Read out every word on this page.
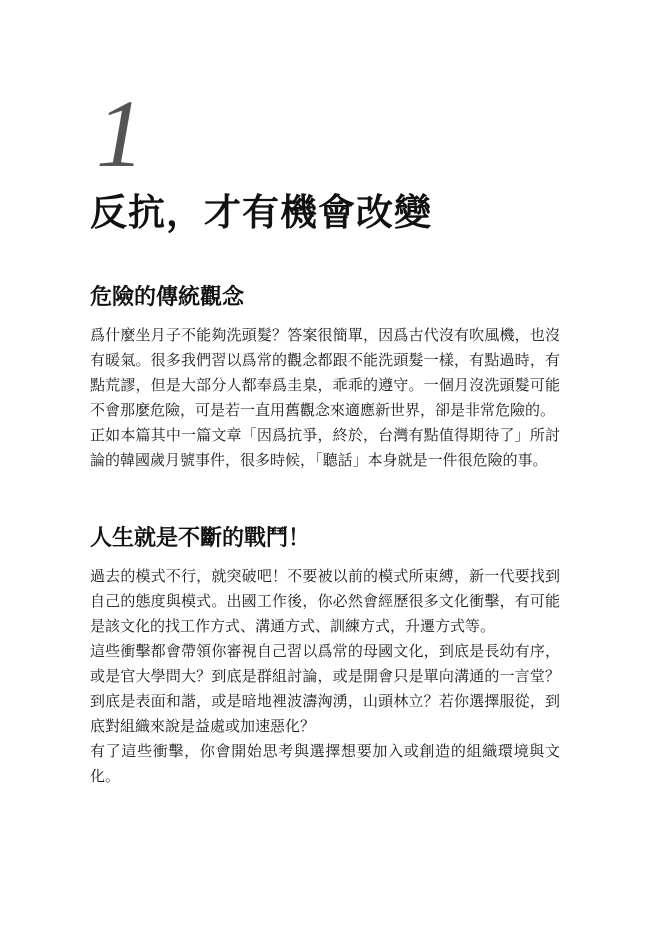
1
反抗，才有機會改變
危險的傳統觀念

爲什麼坐月子不能夠洗頭髮？答案很簡單，因爲古代沒有吹風機，也沒有暖氣。很多我們習以爲常的觀念都跟不能洗頭髮一樣，有點過時，有點荒謬，但是大部分人都奉爲圭臬，乖乖的遵守。一個月沒洗頭髮可能不會那麼危險，可是若一直用舊觀念來適應新世界，卻是非常危險的。

正如本篇其中一篇文章「因爲抗爭，終於，台灣有點值得期待了」所討論的韓國歲月號事件，很多時候，「聽話」本身就是一件很危險的事。

人生就是不斷的戰鬥！

過去的模式不行，就突破吧！不要被以前的模式所束縛，新一代要找到自己的態度與模式。出國工作後，你必然會經歷很多文化衝擊，有可能是該文化的找工作方式、溝通方式、訓練方式，升遷方式等。

這些衝擊都會帶領你審視自己習以爲常的母國文化，到底是長幼有序，或是官大學問大？到底是群組討論，或是開會只是單向溝通的一言堂？到底是表面和諧，或是暗地裡波濤洶湧，山頭林立？若你選擇服從，到底對組織來說是益處或加速惡化？

有了這些衝擊，你會開始思考與選擇想要加入或創造的組織環境與文化。
